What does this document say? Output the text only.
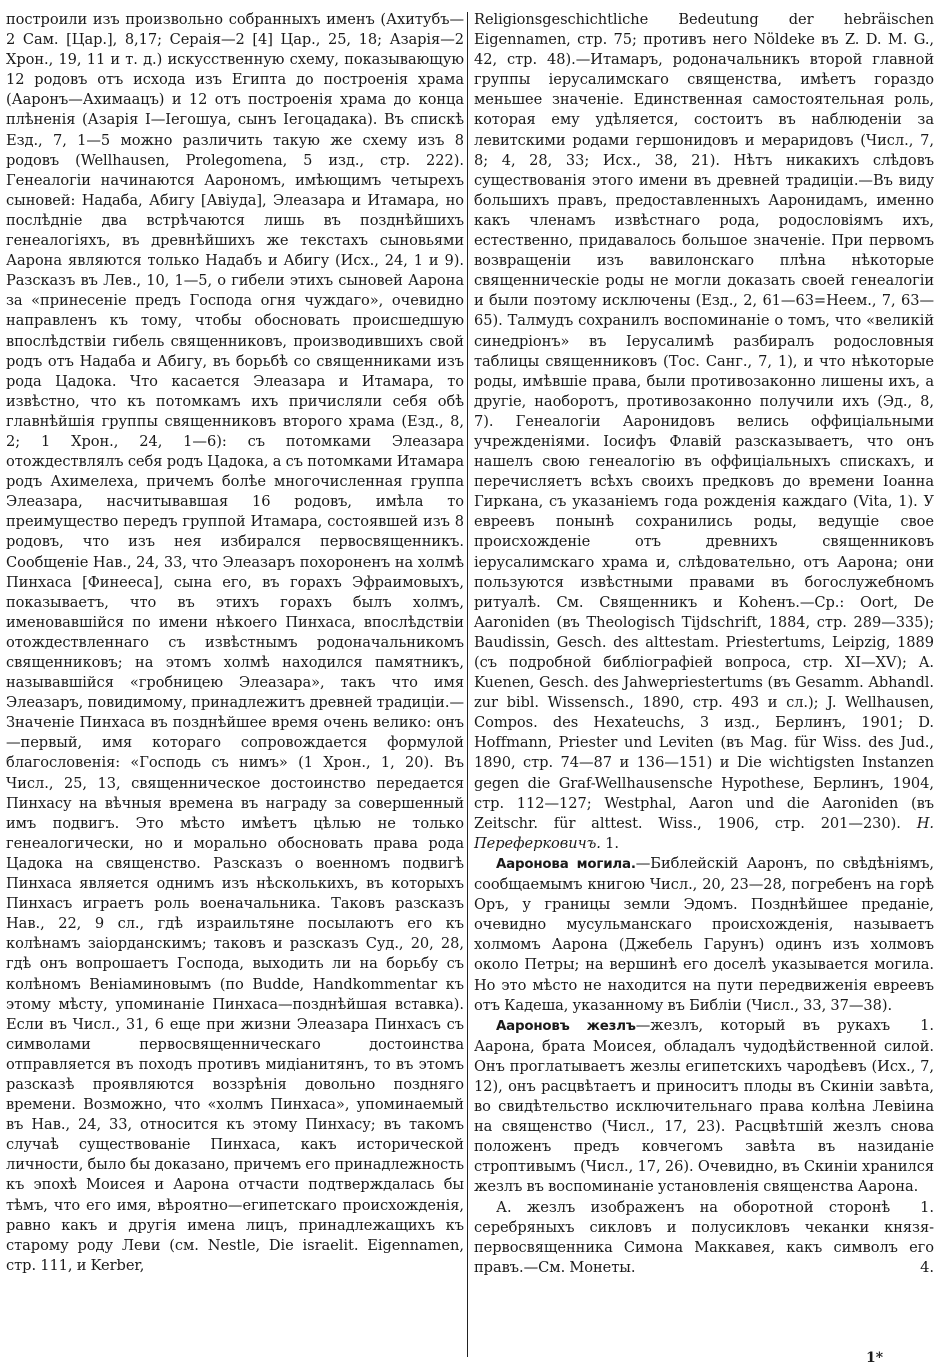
построили изъ произвольно собранныхъ именъ (Ахитубъ—2 Сам. [Цар.], 8,17; Сераія—2 [4] Цар., 25, 18; Азарія—2 Хрон., 19, 11 и т. д.) искусственную схему, показывающую 12 родовъ отъ исхода изъ Египта до построенія храма (Ааронъ—Ахимаацъ) и 12 отъ построенія храма до конца плѣненія (Азарія I—Іегошуа, сынъ Іегоцадака). Въ спискѣ Езд., 7, 1—5 можно различить такую же схему изъ 8 родовъ (Wellhausen, Prolegomena, 5 изд., стр. 222). Генеалогіи начинаются Аарономъ, имѣющимъ четырехъ сыновей: Надаба, Абигу [Авіуда], Элеазара и Итамара, но послѣдніе два встрѣчаются лишь въ позднѣйшихъ генеалогіяхъ, въ древнѣйшихъ же текстахъ сыновьями Аарона являются только Надабъ и Абигу (Исх., 24, 1 и 9). Разсказъ въ Лев., 10, 1—5, о гибели этихъ сыновей Аарона за «принесеніе предъ Господа огня чуждаго», очевидно направленъ къ тому, чтобы обосновать происшедшую впослѣдствіи гибель священниковъ, производившихъ свой родъ отъ Надаба и Абигу, въ борьбѣ со священниками изъ рода Цадока. Что касается Элеазара и Итамара, то извѣстно, что къ потомкамъ ихъ причисляли себя обѣ главнѣйшія группы священниковъ второго храма (Езд., 8, 2; 1 Хрон., 24, 1—6): съ потомками Элеазара отождествлялъ себя родъ Цадока, а съ потомками Итамара родъ Ахимелеха, причемъ болѣе многочисленная группа Элеазара, насчитывавшая 16 родовъ, имѣла то преимущество передъ группой Итамара, состоявшей изъ 8 родовъ, что изъ нея избирался первосвященникъ. Сообщеніе Нав., 24, 33, что Элеазаръ похороненъ на холмѣ Пинхаса [Финееса], сына его, въ горахъ Эфраимовыхъ, показываетъ, что въ этихъ горахъ былъ холмъ, именовавшійся по имени нѣкоего Пинхаса, впослѣдствіи отождествленнаго съ извѣстнымъ родоначальникомъ священниковъ; на этомъ холмѣ находился памятникъ, называвшійся «гробницею Элеазара», такъ что имя Элеазаръ, повидимому, принадлежитъ древней традиціи.—Значеніе Пинхаса въ позднѣйшее время очень велико: онъ—первый, имя котораго сопровождается формулой благословенія: «Господь съ нимъ» (1 Хрон., 1, 20). Въ Числ., 25, 13, священническое достоинство передается Пинхасу на вѣчныя времена въ награду за совершенный имъ подвигъ. Это мѣсто имѣетъ цѣлью не только генеалогически, но и морально обосновать права рода Цадока на священство. Разсказъ о военномъ подвигѣ Пинхаса является однимъ изъ нѣсколькихъ, въ которыхъ Пинхасъ играетъ роль военачальника. Таковъ разсказъ Нав., 22, 9 сл., гдѣ израильтяне посылаютъ его къ колѣнамъ заіорданскимъ; таковъ и разсказъ Суд., 20, 28, гдѣ онъ вопрошаетъ Господа, выходить ли на борьбу съ колѣномъ Веніаминовымъ (по Budde, Handkommentar къ этому мѣсту, упоминаніе Пинхаса—позднѣйшая вставка). Если въ Числ., 31, 6 еще при жизни Элеазара Пинхасъ съ символами первосвященническаго достоинства отправляется въ походъ противъ мидіанитянъ, то въ этомъ разсказѣ проявляются воззрѣнія довольно поздняго времени. Возможно, что «холмъ Пинхаса», упоминаемый въ Нав., 24, 33, относится къ этому Пинхасу; въ такомъ случаѣ существованіе Пинхаса, какъ исторической личности, было бы доказано, причемъ его принадлежность къ эпохѣ Моисея и Аарона отчасти подтверждалась бы тѣмъ, что его имя, вѣроятно—египетскаго происхожденія, равно какъ и другія имена лицъ, принадлежащихъ къ старому роду Леви (см. Nestle, Die israelit. Eigennamen, стр. 111, и Kerber,

Religionsgeschichtliche Bedeutung der hebräischen Eigennamen, стр. 75; противъ него Nöldeke въ Z. D. M. G., 42, стр. 48).—Итамаръ, родоначальникъ второй главной группы іерусалимскаго священства, имѣетъ гораздо меньшее значеніе. Единственная самостоятельная роль, которая ему удѣляется, состоитъ въ наблюденіи за левитскими родами гершонидовъ и мераридовъ (Числ., 7, 8; 4, 28, 33; Исх., 38, 21). Нѣтъ никакихъ слѣдовъ существованія этого имени въ древней традиціи.—Въ виду большихъ правъ, предоставленныхъ Ааронидамъ, именно какъ членамъ извѣстнаго рода, родословіямъ ихъ, естественно, придавалось большое значеніе. При первомъ возвращеніи изъ вавилонскаго плѣна нѣкоторые священническіе роды не могли доказать своей генеалогіи и были поэтому исключены (Езд., 2, 61—63=Неем., 7, 63—65). Талмудъ сохранилъ воспоминаніе о томъ, что «великій синедріонъ» въ Іерусалимѣ разбиралъ родословныя таблицы священниковъ (Тос. Санг., 7, 1), и что нѣкоторые роды, имѣвшіе права, были противозаконно лишены ихъ, а другіе, наоборотъ, противозаконно получили ихъ (Эд., 8, 7). Генеалогіи Ааронидовъ велись оффиціальными учрежденіями. Іосифъ Флавій разсказываетъ, что онъ нашелъ свою генеалогію въ оффиціальныхъ спискахъ, и перечисляетъ всѣхъ своихъ предковъ до времени Іоанна Гиркана, съ указаніемъ года рожденія каждаго (Vita, 1). У евреевъ понынѣ сохранились роды, ведущіе свое происхожденіе отъ древнихъ священниковъ іерусалимскаго храма и, слѣдовательно, отъ Аарона; они пользуются извѣстными правами въ богослужебномъ ритуалѣ. См. Священникъ и Коhенъ.—Ср.: Oort, De Aaroniden (въ Theologisch Tijdschrift, 1884, стр. 289—335); Baudissin, Gesch. des alttestam. Priestertums, Leipzig, 1889 (съ подробной библіографіей вопроса, стр. XI—XV); A. Kuenen, Gesch. des Jahwepriestertums (въ Gesamm. Abhandl. zur bibl. Wissensch., 1890, стр. 493 и сл.); J. Wellhausen, Compos. des Hexateuchs, 3 изд., Берлинъ, 1901; D. Hoffmann, Priester und Leviten (въ Mag. für Wiss. des Jud., 1890, стр. 74—87 и 136—151) и Die wichtigsten Instanzen gegen die Graf-Wellhausensche Hypothese, Берлинъ, 1904, стр. 112—127; Westphal, Aaron und die Aaroniden (въ Zeitschr. für alttest. Wiss., 1906, стр. 201—230). Н. Переферковичъ. 1.

Ааронова могила.—Библейскій Ааронъ, по свѣдѣніямъ, сообщаемымъ книгою Числ., 20, 23—28, погребенъ на горѣ Оръ, у границы земли Эдомъ. Позднѣйшее преданіе, очевидно мусульманскаго происхожденія, называетъ холмомъ Аарона (Джебель Гарунъ) одинъ изъ холмовъ около Петры; на вершинѣ его доселѣ указывается могила. Но это мѣсто не находится на пути передвиженія евреевъ отъ Кадеша, указанному въ Библіи (Числ., 33, 37—38).
1.

Аароновъ жезлъ—жезлъ, который въ рукахъ Аарона, брата Моисея, обладалъ чудодѣйственной силой. Онъ проглатываетъ жезлы египетскихъ чародѣевъ (Исх., 7, 12), онъ расцвѣтаетъ и приноситъ плоды въ Скиніи завѣта, во свидѣтельство исключительнаго права колѣна Левіина на священство (Числ., 17, 23). Расцвѣтшій жезлъ снова положенъ предъ ковчегомъ завѣта въ назиданіе строптивымъ (Числ., 17, 26). Очевидно, въ Скиніи хранился жезлъ въ воспоминаніе установленія священства Аарона.
1.

А. жезлъ изображенъ на оборотной сторонѣ серебряныхъ сикловъ и полусикловъ чеканки князя-первосвященника Симона Маккавея, какъ символъ его правъ.—См. Монеты.	4.

1*
